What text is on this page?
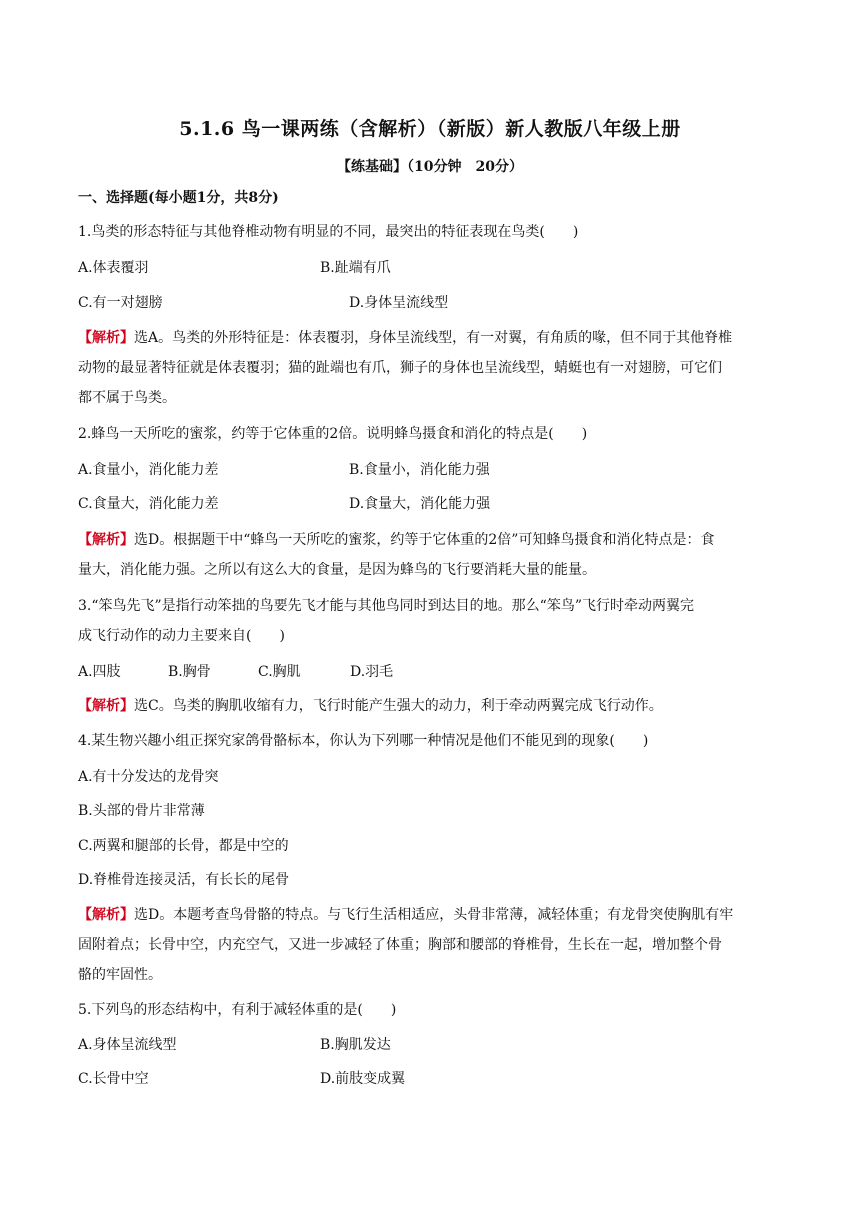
5.1.6 鸟一课两练（含解析）（新版）新人教版八年级上册
【练基础】（10分钟　20分）
一、选择题(每小题1分，共8分)
1.鸟类的形态特征与其他脊椎动物有明显的不同，最突出的特征表现在鸟类(　　)
A.体表覆羽	B.趾端有爪
C.有一对翅膀	D.身体呈流线型
【解析】选A。鸟类的外形特征是：体表覆羽，身体呈流线型，有一对翼，有角质的喙，但不同于其他脊椎
动物的最显著特征就是体表覆羽；猫的趾端也有爪，狮子的身体也呈流线型，蜻蜓也有一对翅膀，可它们
都不属于鸟类。
2.蜂鸟一天所吃的蜜浆，约等于它体重的2倍。说明蜂鸟摄食和消化的特点是(　　)
A.食量小，消化能力差	B.食量小，消化能力强
C.食量大，消化能力差	D.食量大，消化能力强
【解析】选D。根据题干中“蜂鸟一天所吃的蜜浆，约等于它体重的2倍”可知蜂鸟摄食和消化特点是：食
量大，消化能力强。之所以有这么大的食量，是因为蜂鸟的飞行要消耗大量的能量。
3.“笨鸟先飞”是指行动笨拙的鸟要先飞才能与其他鸟同时到达目的地。那么“笨鸟”飞行时牵动两翼完
成飞行动作的动力主要来自(　　)
A.四肢	B.胸骨	C.胸肌	D.羽毛
【解析】选C。鸟类的胸肌收缩有力，飞行时能产生强大的动力，利于牵动两翼完成飞行动作。
4.某生物兴趣小组正探究家鸽骨骼标本，你认为下列哪一种情况是他们不能见到的现象(　　)
A.有十分发达的龙骨突
B.头部的骨片非常薄
C.两翼和腿部的长骨，都是中空的
D.脊椎骨连接灵活，有长长的尾骨
【解析】选D。本题考查鸟骨骼的特点。与飞行生活相适应，头骨非常薄，减轻体重；有龙骨突使胸肌有牢
固附着点；长骨中空，内充空气，又进一步减轻了体重；胸部和腰部的脊椎骨，生长在一起，增加整个骨
骼的牢固性。
5.下列鸟的形态结构中，有利于减轻体重的是(　　)
A.身体呈流线型	B.胸肌发达
C.长骨中空	D.前肢变成翼
